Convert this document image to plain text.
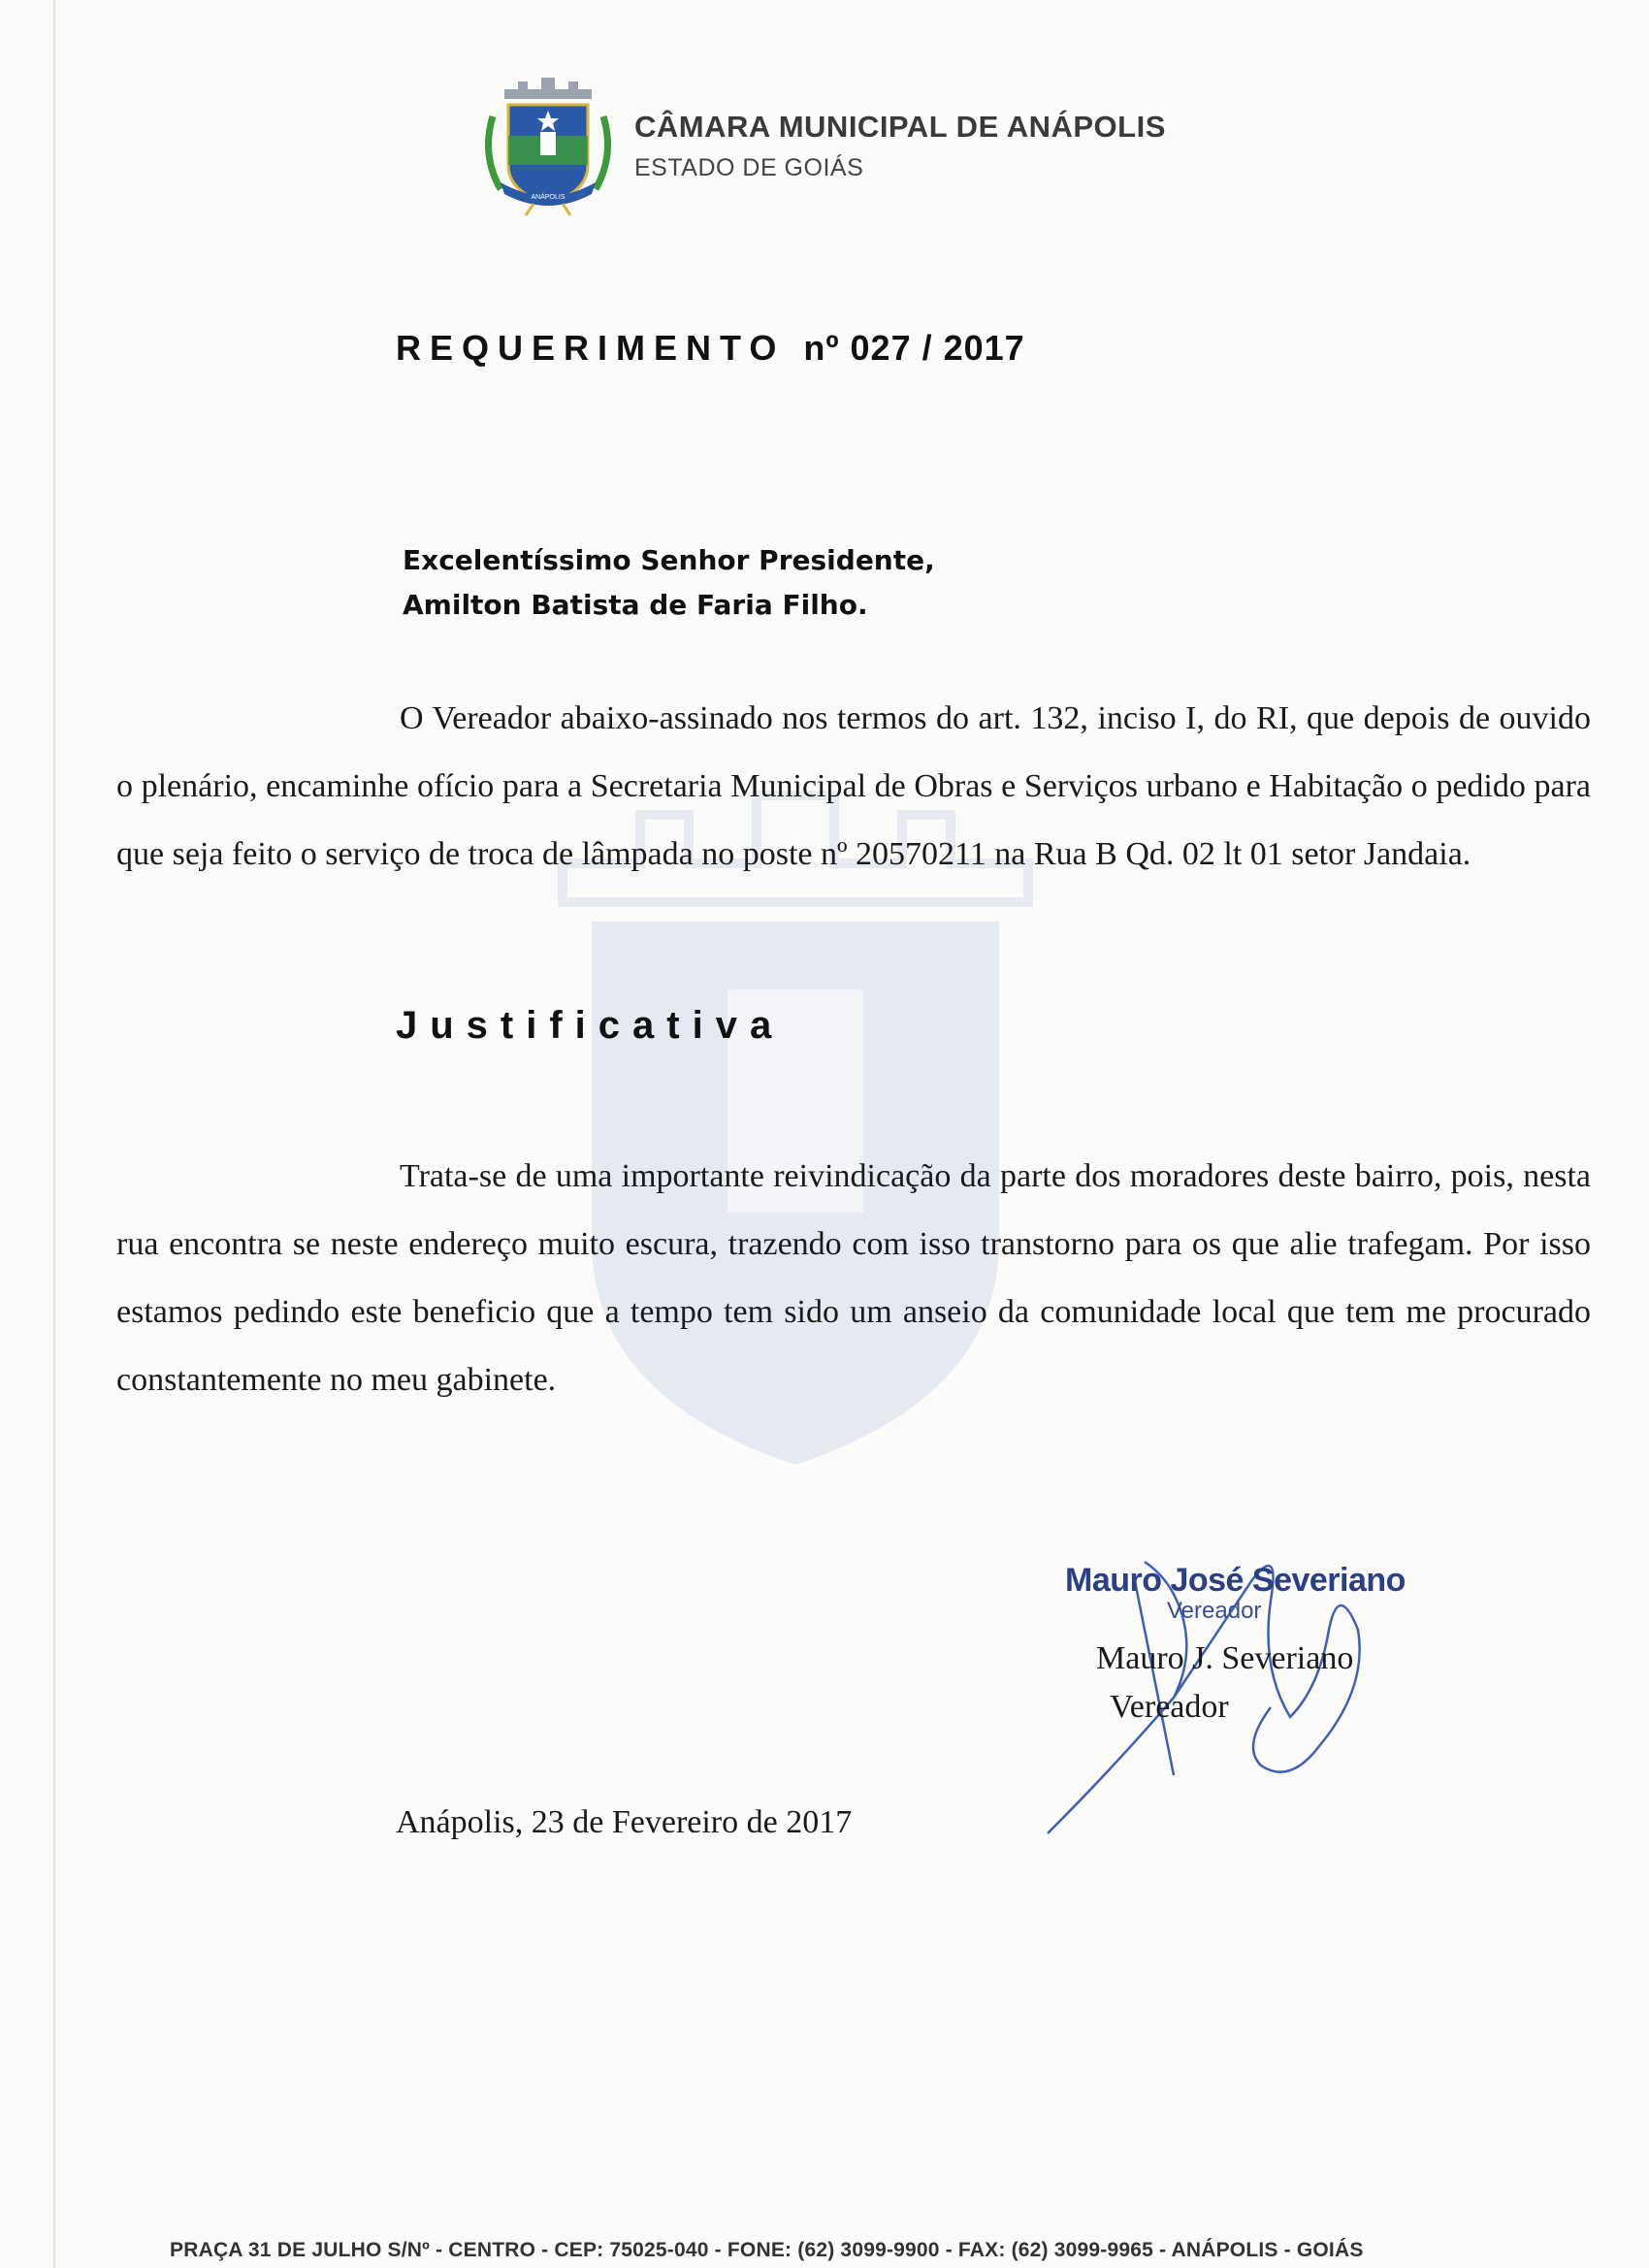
ANÁPOLIS
CÂMARA MUNICIPAL DE ANÁPOLIS
ESTADO DE GOIÁS
REQUERIMENTO nº 027 / 2017
Excelentíssimo Senhor Presidente,
Amilton Batista de Faria Filho.
O Vereador abaixo-assinado nos termos do art. 132, inciso I, do RI, que depois de ouvido o plenário, encaminhe ofício para a Secretaria Municipal de Obras e Serviços urbano e Habitação o pedido para que seja feito o serviço de troca de lâmpada no poste nº 20570211 na Rua B Qd. 02 lt 01 setor Jandaia.
Justificativa
Trata-se de uma importante reivindicação da parte dos moradores deste bairro, pois, nesta rua encontra se neste endereço muito escura, trazendo com isso transtorno para os que alie trafegam. Por isso estamos pedindo este beneficio que a tempo tem sido um anseio da comunidade local que tem me procurado constantemente no meu gabinete.
Mauro José Severiano
Vereador
Mauro J. Severiano
Vereador
Anápolis, 23 de Fevereiro de 2017
PRAÇA 31 DE JULHO S/Nº - CENTRO - CEP: 75025-040 - FONE: (62) 3099-9900 - FAX: (62) 3099-9965 - ANÁPOLIS - GOIÁS
